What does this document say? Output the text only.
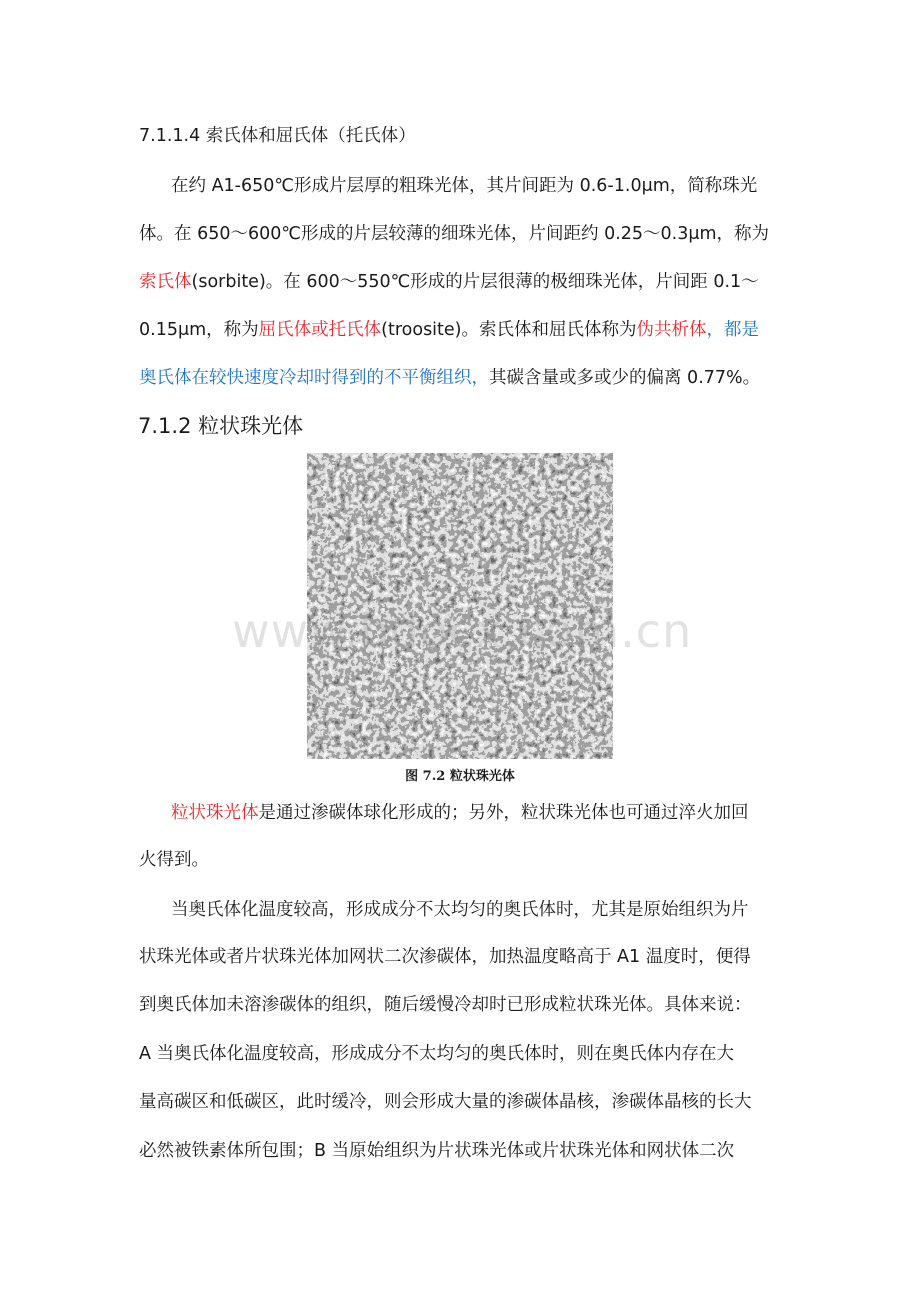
7.1.1.4 索氏体和屈氏体（托氏体）
在约 A1-650℃形成片层厚的粗珠光体，其片间距为 0.6-1.0μm，简称珠光
体。在 650～600℃形成的片层较薄的细珠光体，片间距约 0.25～0.3μm，称为
索氏体(sorbite)。在 600～550℃形成的片层很薄的极细珠光体，片间距 0.1～
0.15μm，称为屈氏体或托氏体(troosite)。索氏体和屈氏体称为伪共析体，都是
奥氏体在较快速度冷却时得到的不平衡组织，其碳含量或多或少的偏离 0.77%。
7.1.2 粒状珠光体
www.bdocx.com.cn
图 7.2 粒状珠光体
粒状珠光体是通过渗碳体球化形成的；另外，粒状珠光体也可通过淬火加回
火得到。
当奥氏体化温度较高，形成成分不太均匀的奥氏体时，尤其是原始组织为片
状珠光体或者片状珠光体加网状二次渗碳体，加热温度略高于 A1 温度时，便得
到奥氏体加未溶渗碳体的组织，随后缓慢冷却时已形成粒状珠光体。具体来说：
A 当奥氏体化温度较高，形成成分不太均匀的奥氏体时，则在奥氏体内存在大
量高碳区和低碳区，此时缓冷，则会形成大量的渗碳体晶核，渗碳体晶核的长大
必然被铁素体所包围；B 当原始组织为片状珠光体或片状珠光体和网状体二次
